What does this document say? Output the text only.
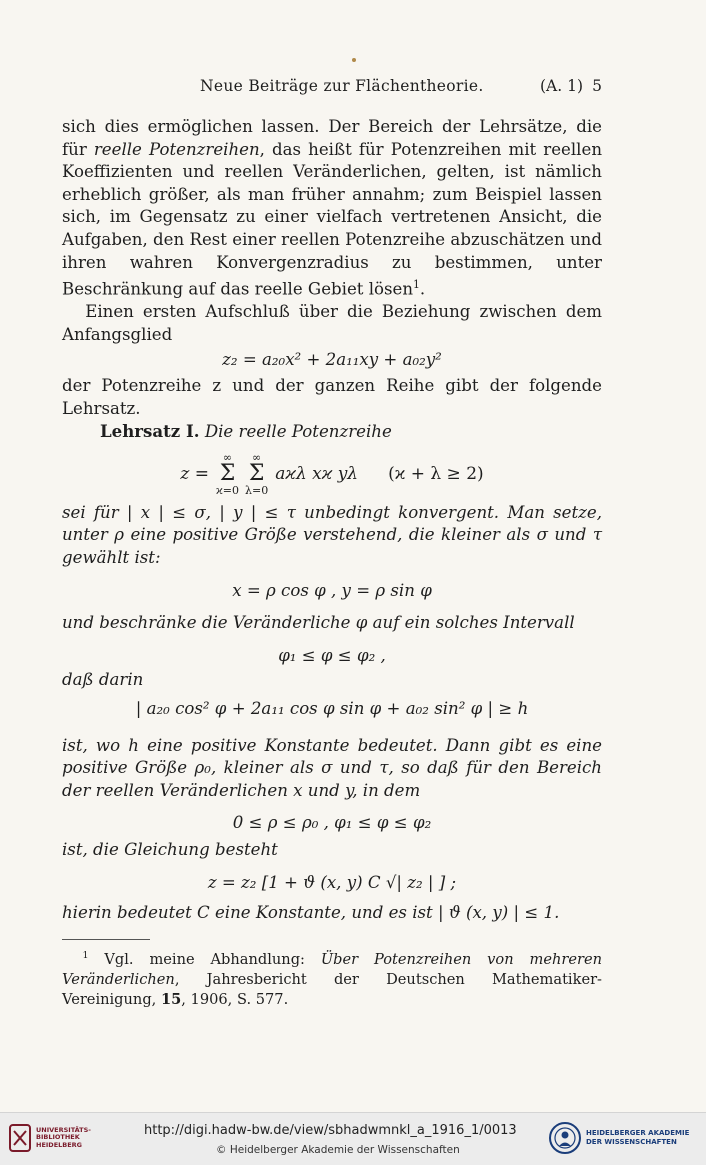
Neue Beiträge zur Flächentheorie.	(A. 1) 5

sich dies ermöglichen lassen. Der Bereich der Lehrsätze, die für reelle Potenzreihen, das heißt für Potenzreihen mit reellen Koeffizienten und reellen Veränderlichen, gelten, ist nämlich erheblich größer, als man früher annahm; zum Beispiel lassen sich, im Gegensatz zu einer vielfach vertretenen Ansicht, die Aufgaben, den Rest einer reellen Potenzreihe abzuschätzen und ihren wahren Konvergenzradius zu bestimmen, unter Beschränkung auf das reelle Gebiet lösen$^1$.

Einen ersten Aufschluß über die Beziehung zwischen dem Anfangsglied

z₂ = a₂₀x² + 2a₁₁xy + a₀₂y²

der Potenzreihe z und der ganzen Reihe gibt der folgende Lehrsatz.

Lehrsatz I. Die reelle Potenzreihe

z =
∞
Σ
ϰ=0
∞
Σ
λ=0
aϰλ xϰ yλ (ϰ + λ ≥ 2)

sei für | x | ≤ σ, | y | ≤ τ unbedingt konvergent. Man setze, unter ρ eine positive Größe verstehend, die kleiner als σ und τ gewählt ist:

x = ρ cos φ , y = ρ sin φ

und beschränke die Veränderliche φ auf ein solches Intervall

φ₁ ≤ φ ≤ φ₂ ,

daß darin

| a₂₀ cos² φ + 2a₁₁ cos φ sin φ + a₀₂ sin² φ | ≥ h

ist, wo h eine positive Konstante bedeutet. Dann gibt es eine positive Größe ρ₀, kleiner als σ und τ, so daß für den Bereich der reellen Veränderlichen x und y, in dem

0 ≤ ρ ≤ ρ₀ , φ₁ ≤ φ ≤ φ₂

ist, die Gleichung besteht

z = z₂ [1 + ϑ (x, y) C √| z₂ | ] ;

hierin bedeutet C eine Konstante, und es ist | ϑ (x, y) | ≤ 1.

$^1$ Vgl. meine Abhandlung: Über Potenzreihen von mehreren Veränderlichen, Jahresbericht der Deutschen Mathematiker-Vereinigung, 15, 1906, S. 577.

UNIVERSITÄTS-
BIBLIOTHEK
HEIDELBERG
http://digi.hadw-bw.de/view/sbhadwmnkl_a_1916_1/0013
© Heidelberger Akademie der Wissenschaften
HEIDELBERGER AKADEMIE
DER WISSENSCHAFTEN
